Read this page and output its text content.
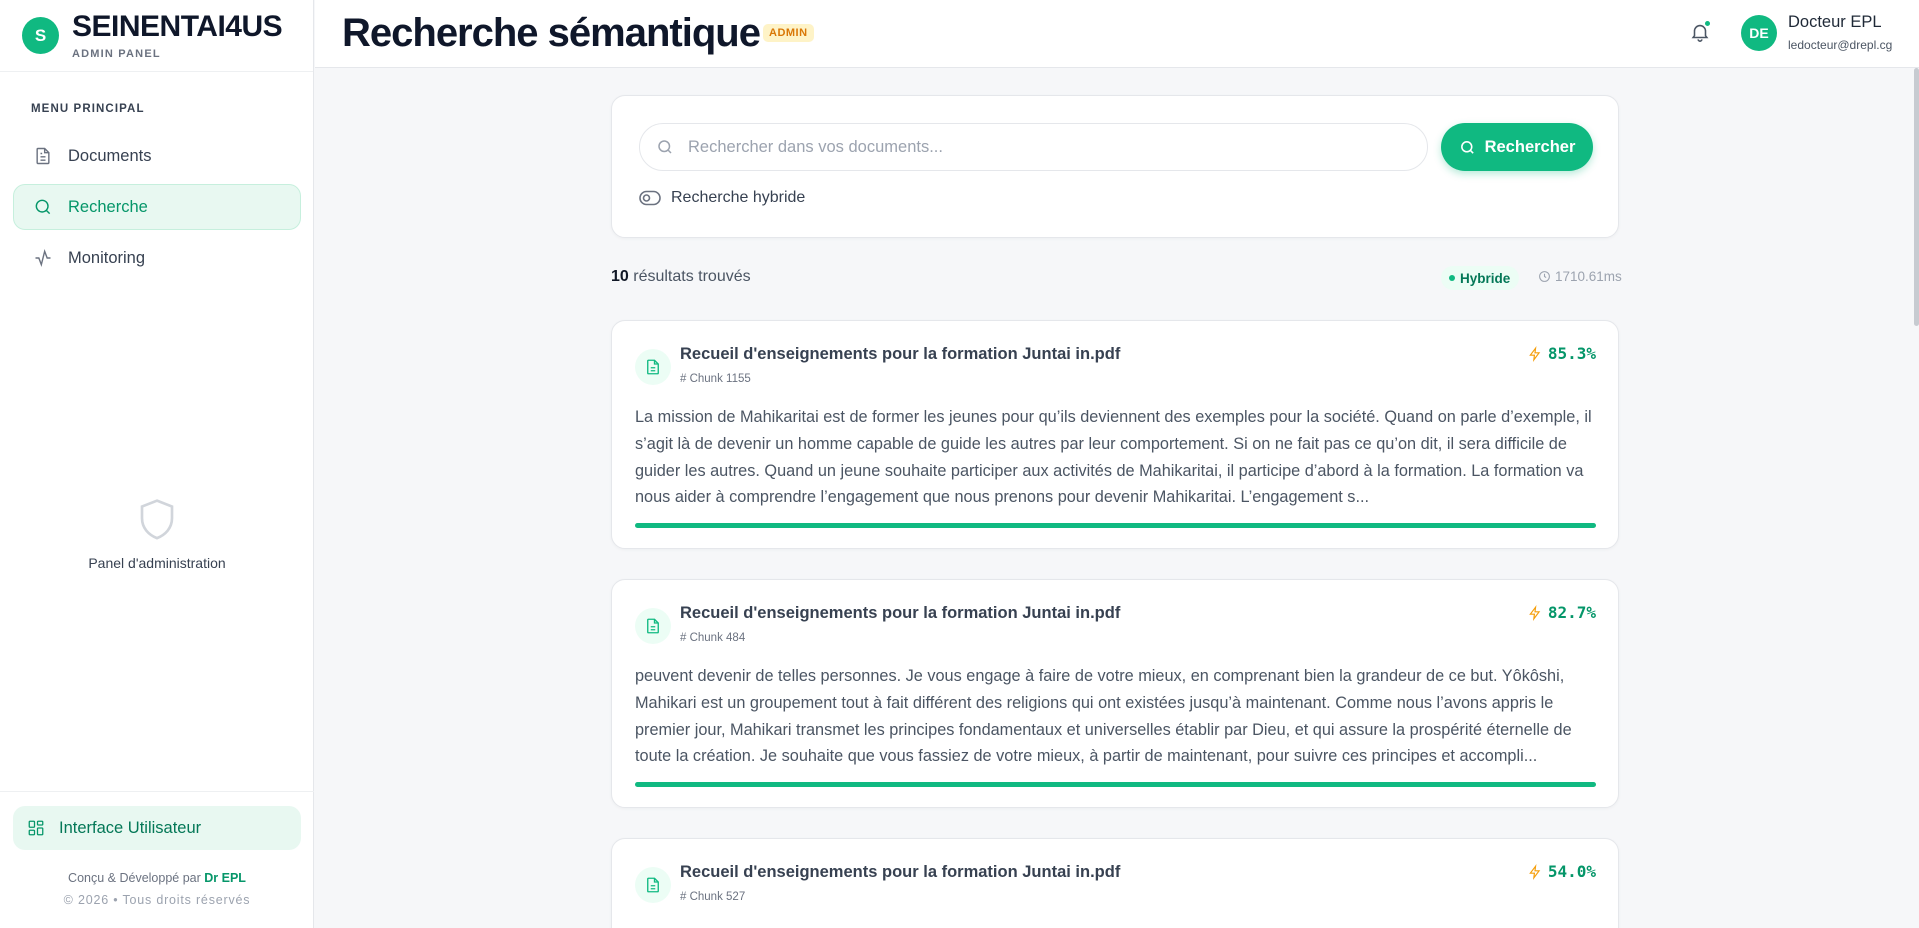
S SEINENTAI4US
ADMIN PANEL
MENU PRINCIPAL
Documents
Recherche
Monitoring
Panel d'administration
Interface Utilisateur
Conçu & Développé par Dr EPL
© 2026 • Tous droits réservés
Recherche sémantique ADMIN	DE
Docteur EPL
ledocteur@drepl.cg
Rechercher dans vos documents...
Rechercher
Recherche hybride
10 résultats trouvés	Hybride	1710.61ms
Recueil d'enseignements pour la formation Juntai in.pdf
# Chunk 1155
85.3%

La mission de Mahikaritai est de former les jeunes pour qu’ils deviennent des exemples pour la société. Quand on parle d’exemple, il s’agit là de devenir un homme capable de guide les autres par leur comportement. Si on ne fait pas ce qu’on dit, il sera difficile de guider les autres. Quand un jeune souhaite participer aux activités de Mahikaritai, il participe d’abord à la formation. La formation va nous aider à comprendre l’engagement que nous prenons pour devenir Mahikaritai. L’engagement s...

Recueil d'enseignements pour la formation Juntai in.pdf
# Chunk 484
82.7%

peuvent devenir de telles personnes. Je vous engage à faire de votre mieux, en comprenant bien la grandeur de ce but. Yôkôshi, Mahikari est un groupement tout à fait différent des religions qui ont existées jusqu’à maintenant. Comme nous l’avons appris le premier jour, Mahikari transmet les principes fondamentaux et universelles établir par Dieu, et qui assure la prospérité éternelle de toute la création. Je souhaite que vous fassiez de votre mieux, à partir de maintenant, pour suivre ces principes et accompli...

Recueil d'enseignements pour la formation Juntai in.pdf
# Chunk 527
54.0%
